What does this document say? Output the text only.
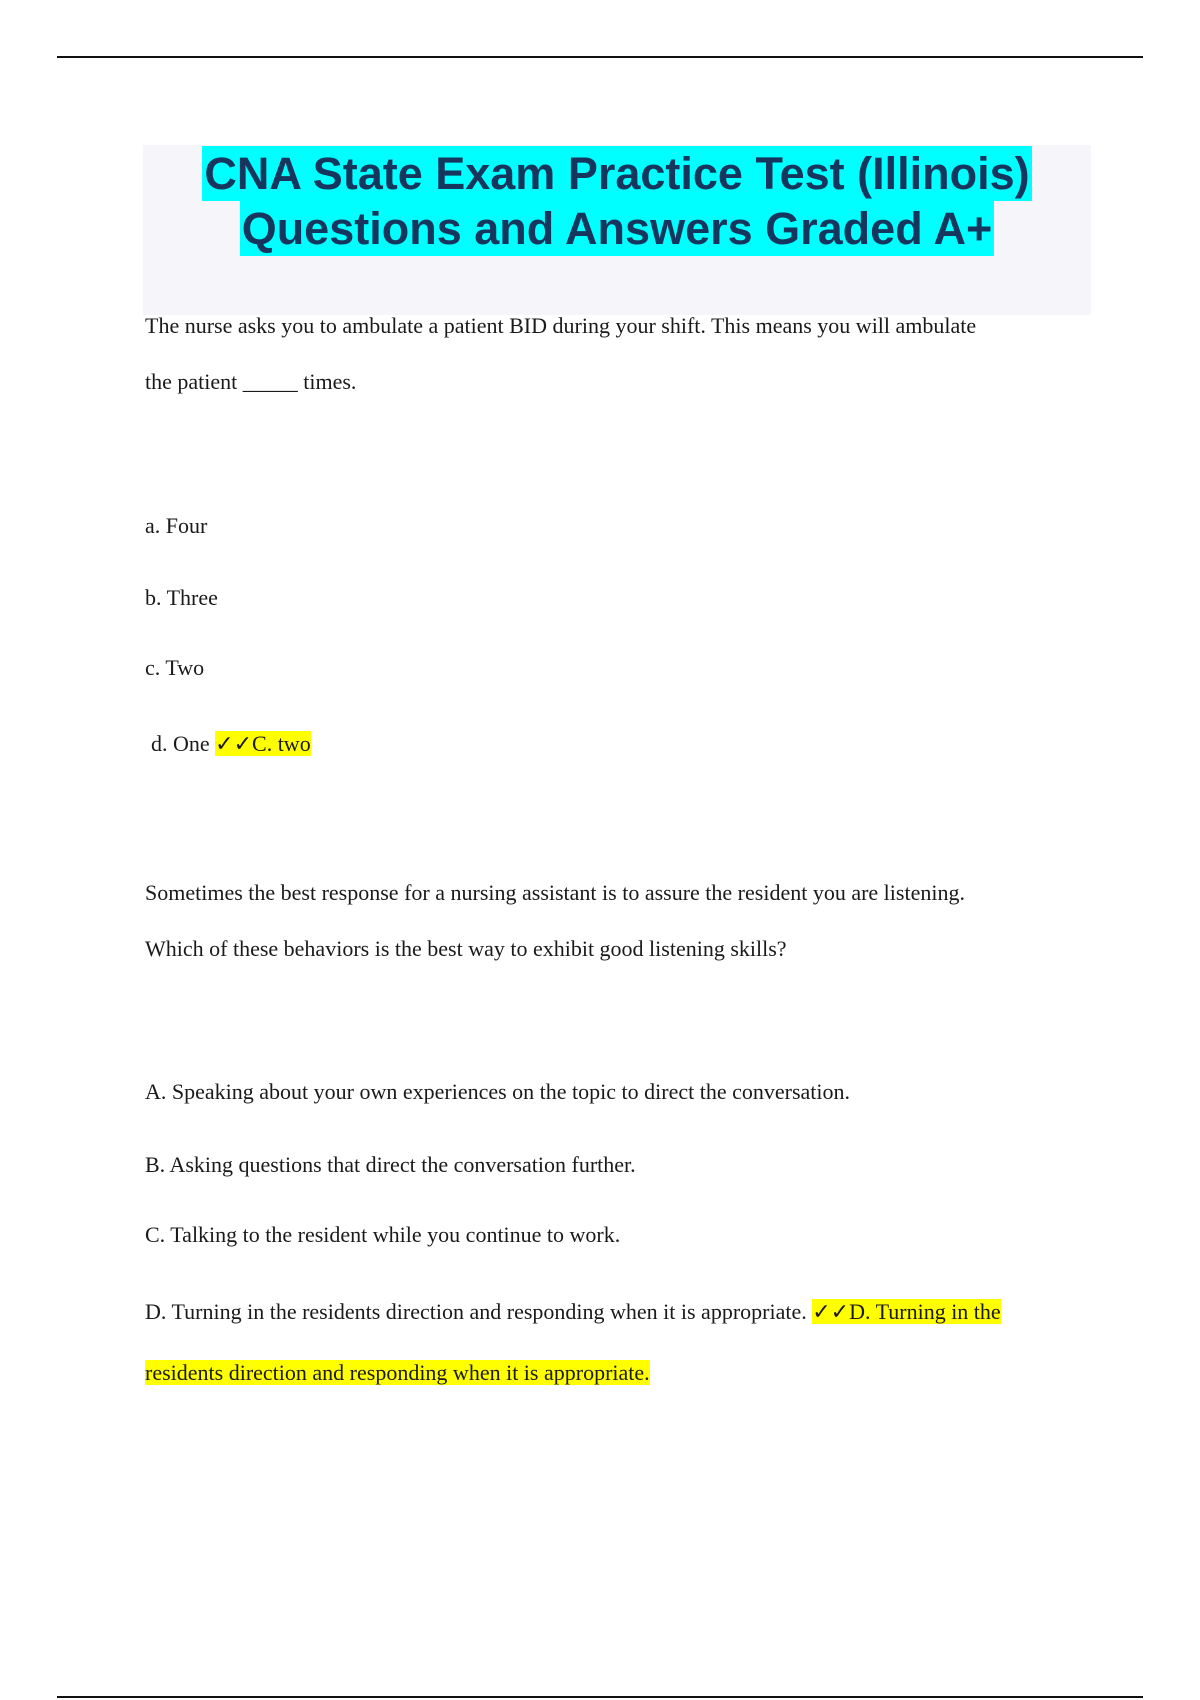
CNA State Exam Practice Test (Illinois)
Questions and Answers Graded A+
The nurse asks you to ambulate a patient BID during your shift. This means you will ambulate
the patient _____ times.
a. Four
b. Three
c. Two
d. One ✓✓C. two
Sometimes the best response for a nursing assistant is to assure the resident you are listening.
Which of these behaviors is the best way to exhibit good listening skills?
A. Speaking about your own experiences on the topic to direct the conversation.
B. Asking questions that direct the conversation further.
C. Talking to the resident while you continue to work.
D. Turning in the residents direction and responding when it is appropriate. ✓✓D. Turning in the
residents direction and responding when it is appropriate.
